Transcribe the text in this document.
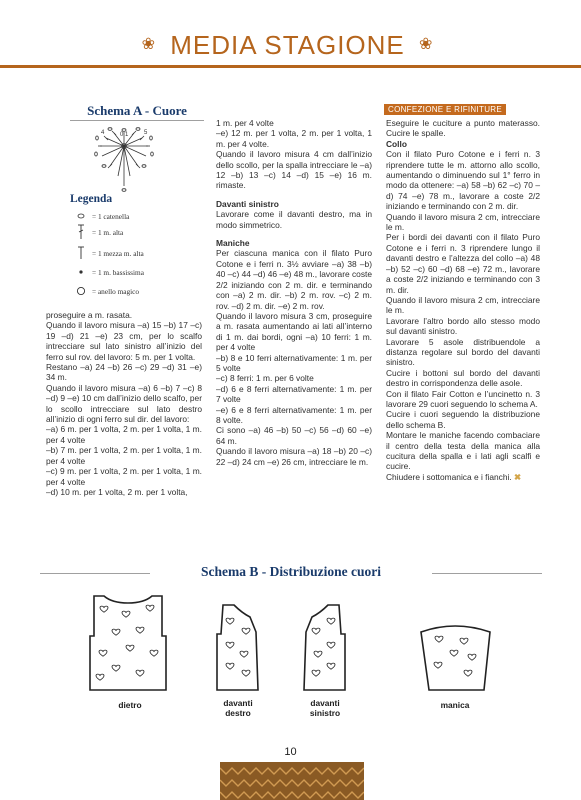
❀ MEDIA STAGIONE ❀
Schema A - Cuore
0 1	5
4
Legenda
= 1 catenella
= 1 m. alta
= 1 mezza m. alta
= 1 m. bassissima
= anello magico

proseguire a m. rasata.

Quando il lavoro misura –a) 15 –b) 17 –c) 19 –d) 21 –e) 23 cm, per lo scalfo intrecciare sul lato sinistro all’inizio del ferro sul rov. del lavoro: 5 m. per 1 volta.

Restano –a) 24 –b) 26 –c) 29 –d) 31 –e) 34 m.

Quando il lavoro misura –a) 6 –b) 7 –c) 8 –d) 9 –e) 10 cm dall’inizio dello scalfo, per lo scollo intrecciare sul lato destro all’inizio di ogni ferro sul dir. del lavoro:

–a) 6 m. per 1 volta, 2 m. per 1 volta, 1 m. per 4 volte

–b) 7 m. per 1 volta, 2 m. per 1 volta, 1 m. per 4 volte

–c) 9 m. per 1 volta, 2 m. per 1 volta, 1 m. per 4 volte

–d) 10 m. per 1 volta, 2 m. per 1 volta,

1 m. per 4 volte

–e) 12 m. per 1 volta, 2 m. per 1 volta, 1 m. per 4 volte.

Quando il lavoro misura 4 cm dall’inizio dello scollo, per la spalla intrecciare le –a) 12 –b) 13 –c) 14 –d) 15 –e) 16 m. rimaste.

Davanti sinistro

Lavorare come il davanti destro, ma in modo simmetrico.

Maniche

Per ciascuna manica con il filato Puro Cotone e i ferri n. 3½ avviare –a) 38 –b) 40 –c) 44 –d) 46 –e) 48 m., lavorare coste 2/2 iniziando con 2 m. dir. e terminando con –a) 2 m. dir. –b) 2 m. rov. –c) 2 m. rov. –d) 2 m. dir. –e) 2 m. rov.

Quando il lavoro misura 3 cm, proseguire a m. rasata aumentando ai lati all’interno di 1 m. dai bordi, ogni –a) 10 ferri: 1 m. per 4 volte

–b) 8 e 10 ferri alternativamente: 1 m. per 5 volte

–c) 8 ferri: 1 m. per 6 volte

–d) 6 e 8 ferri alternativamente: 1 m. per 7 volte

–e) 6 e 8 ferri alternativamente: 1 m. per 8 volte.

Ci sono –a) 46 –b) 50 –c) 56 –d) 60 –e) 64 m.

Quando il lavoro misura –a) 18 –b) 20 –c) 22 –d) 24 cm –e) 26 cm, intrecciare le m.

CONFEZIONE E RIFINITURE

Eseguire le cuciture a punto materasso. Cucire le spalle.

Collo

Con il filato Puro Cotone e i ferri n. 3 riprendere tutte le m. attorno allo scollo, aumentando o diminuendo sul 1° ferro in modo da ottenere: –a) 58 –b) 62 –c) 70 –d) 74 –e) 78 m., lavorare a coste 2/2 iniziando e terminando con 2 m. dir.

Quando il lavoro misura 2 cm, intrecciare le m.

Per i bordi dei davanti con il filato Puro Cotone e i ferri n. 3 riprendere lungo il davanti destro e l’altezza del collo –a) 48 –b) 52 –c) 60 –d) 68 –e) 72 m., lavorare a coste 2/2 iniziando e terminando con 3 m. dir.

Quando il lavoro misura 2 cm, intrecciare le m.

Lavorare l’altro bordo allo stesso modo sul davanti sinistro.

Lavorare 5 asole distribuendole a distanza regolare sul bordo del davanti sinistro.

Cucire i bottoni sul bordo del davanti destro in corrispondenza delle asole.

Con il filato Fair Cotton e l’uncinetto n. 3 lavorare 29 cuori seguendo lo schema A.

Cucire i cuori seguendo la distribuzione dello schema B.

Montare le maniche facendo combaciare il centro della testa della manica alla cucitura della spalla e i lati agli scalfi e cucire.

Chiudere i sottomanica e i fianchi. ✖

Schema B - Distribuzione cuori
dietro	davanti destro
davanti sinistro
manica
10
PassionForum.ru
